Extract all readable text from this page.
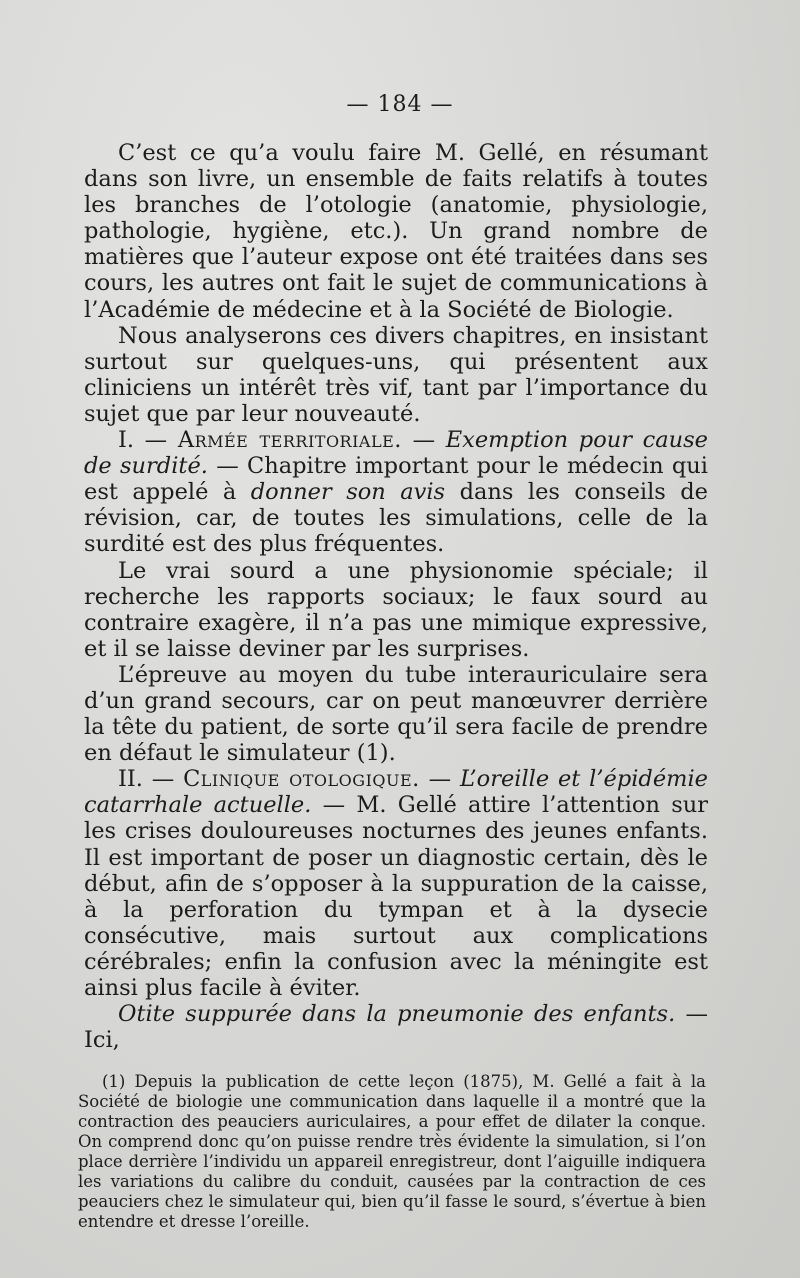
— 184 —

C’est ce qu’a voulu faire M. Gellé, en résumant dans son livre, un ensemble de faits relatifs à toutes les branches de l’otologie (anatomie, physiologie, pathologie, hygiène, etc.). Un grand nombre de matières que l’auteur expose ont été traitées dans ses cours, les autres ont fait le sujet de communications à l’Académie de médecine et à la Société de Biologie.

Nous analyserons ces divers chapitres, en insistant surtout sur quelques-uns, qui présentent aux cliniciens un intérêt très vif, tant par l’importance du sujet que par leur nouveauté.

I. — Armée territoriale. — Exemption pour cause de surdité. — Chapitre important pour le médecin qui est appelé à donner son avis dans les conseils de révision, car, de toutes les simulations, celle de la surdité est des plus fréquentes.

Le vrai sourd a une physionomie spéciale; il recherche les rapports sociaux; le faux sourd au contraire exagère, il n’a pas une mimique expressive, et il se laisse deviner par les surprises.

L’épreuve au moyen du tube interauriculaire sera d’un grand secours, car on peut manœuvrer derrière la tête du patient, de sorte qu’il sera facile de prendre en défaut le simulateur (1).

II. — Clinique otologique. — L’oreille et l’épidémie catarrhale actuelle. — M. Gellé attire l’attention sur les crises douloureuses nocturnes des jeunes enfants. Il est important de poser un diagnostic certain, dès le début, afin de s’opposer à la suppuration de la caisse, à la perforation du tympan et à la dysecie consécutive, mais surtout aux complications cérébrales; enfin la confusion avec la méningite est ainsi plus facile à éviter.

Otite suppurée dans la pneumonie des enfants. — Ici,

(1) Depuis la publication de cette leçon (1875), M. Gellé a fait à la Société de biologie une communication dans laquelle il a montré que la contraction des peauciers auriculaires, a pour effet de dilater la conque. On comprend donc qu’on puisse rendre très évidente la simulation, si l’on place derrière l’individu un appareil enregistreur, dont l’aiguille indiquera les variations du calibre du conduit, causées par la contraction de ces peauciers chez le simulateur qui, bien qu’il fasse le sourd, s’évertue à bien entendre et dresse l’oreille.
